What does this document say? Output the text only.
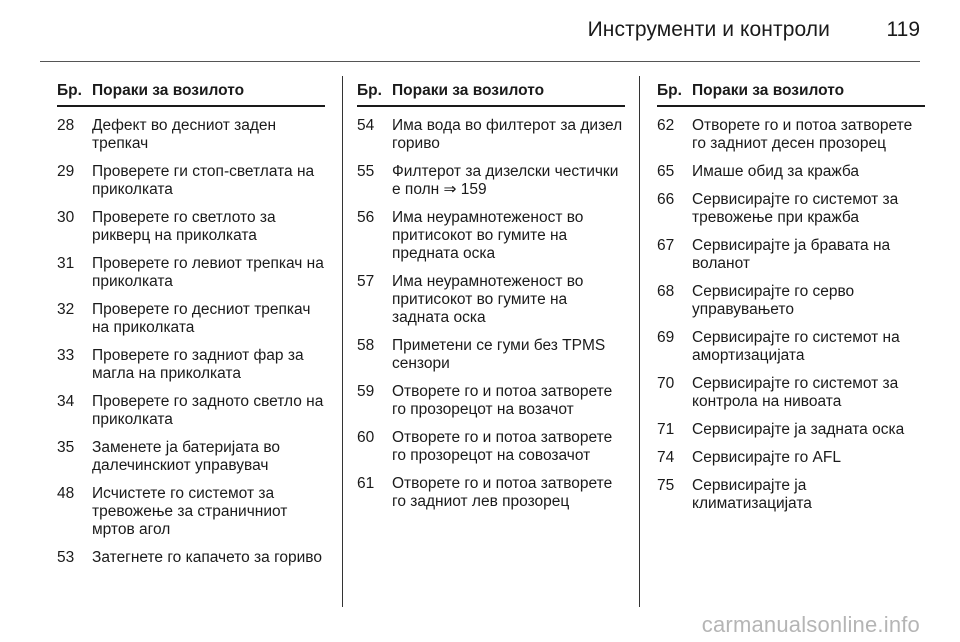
Инструменти и контроли	119
Бр. Пораки за возилото
28	Дефект во десниот заден трепкач
29	Проверете ги стоп-светлата на приколката
30	Проверете го светлото за рикверц на приколката
31	Проверете го левиот трепкач на приколката
32	Проверете го десниот трепкач на приколката
33	Проверете го задниот фар за магла на приколката
34	Проверете го задното светло на приколката
35	Заменете ја батеријата во далечинскиот управувач
48	Исчистете го системот за тревожење за страничниот мртов агол
53	Затегнете го капачето за гориво
Бр. Пораки за возилото
54	Има вода во филтерот за дизел гориво
55	Филтерот за дизелски честички е полн ⇒ 159
56	Има неурамнотеженост во притисокот во гумите на предната оска
57	Има неурамнотеженост во притисокот во гумите на задната оска
58	Приметени се гуми без TPMS сензори
59	Отворете го и потоа затворете го прозорецот на возачот
60	Отворете го и потоа затворете го прозорецот на совозачот
61	Отворете го и потоа затворете го задниот лев прозорец
Бр. Пораки за возилото
62	Отворете го и потоа затворете го задниот десен прозорец
65	Имаше обид за кражба
66	Сервисирајте го системот за тревожење при кражба
67	Сервисирајте ја бравата на воланот
68	Сервисирајте го серво управувањето
69	Сервисирајте го системот на амортизацијата
70	Сервисирајте го системот за контрола на нивоата
71	Сервисирајте ја задната оска
74	Сервисирајте го AFL
75	Сервисирајте ја климатизацијата
carmanualsonline.info
